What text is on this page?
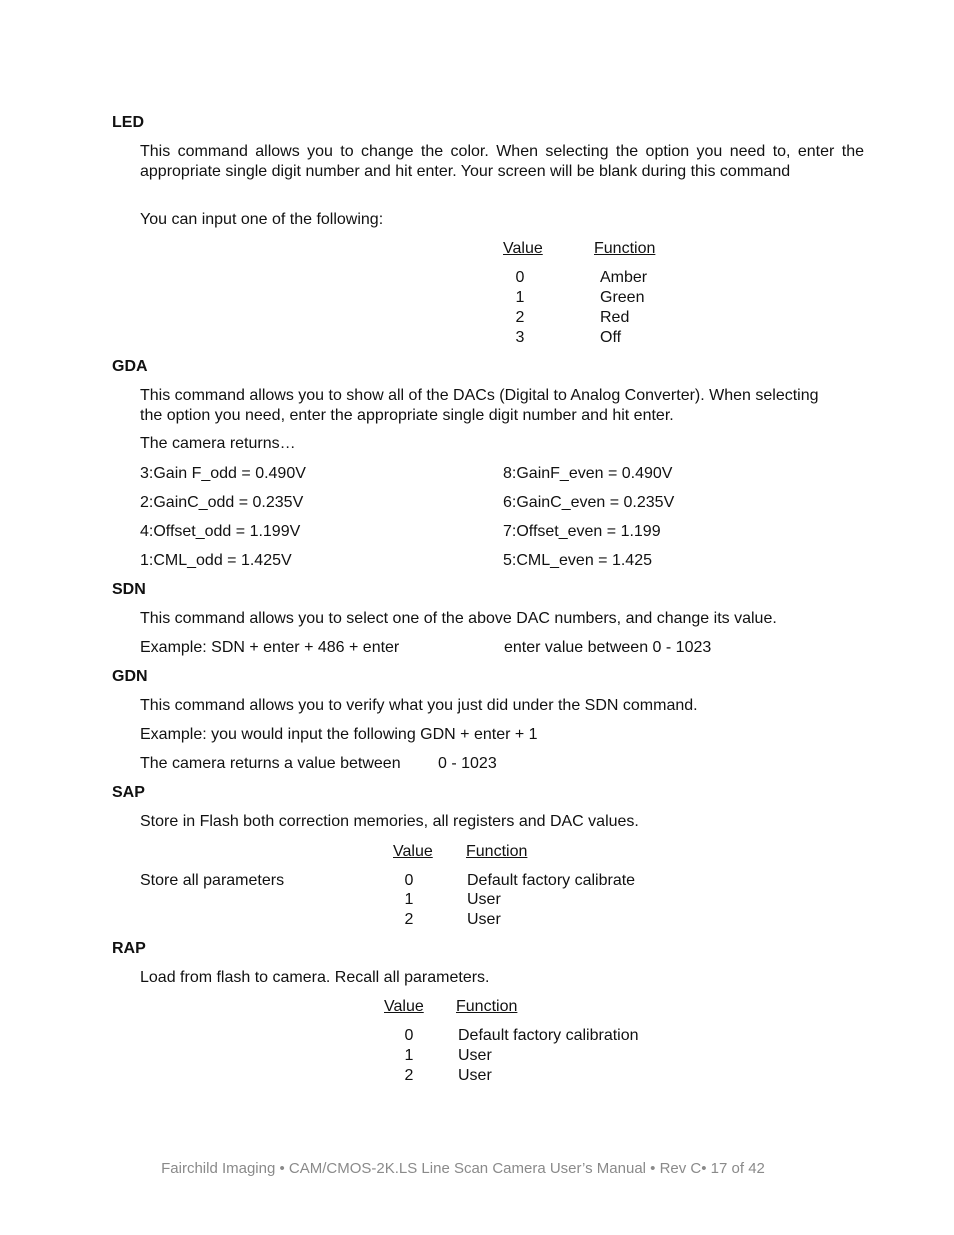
LED
This command allows you to change the color. When selecting the option you need to, enter the appropriate single digit number and hit enter. Your screen will be blank during this command
You can input one of the following:
Value	Function
0	Amber
1	Green
2	Red
3	Off
GDA
This command allows you to show all of the DACs (Digital to Analog Converter). When selecting the option you need, enter the appropriate single digit number and hit enter.
The camera returns…
3:Gain F_odd = 0.490V	8:GainF_even = 0.490V
2:GainC_odd = 0.235V	6:GainC_even = 0.235V
4:Offset_odd = 1.199V	7:Offset_even = 1.199
1:CML_odd = 1.425V	5:CML_even = 1.425
SDN
This command allows you to select one of the above DAC numbers, and change its value.
Example: SDN + enter + 486 + enter	enter value between 0 - 1023
GDN
This command allows you to verify what you just did under the SDN command.
Example: you would input the following GDN + enter + 1
The camera returns a value between 0 - 1023
SAP
Store in Flash both correction memories, all registers and DAC values.
Value Function
Store all parameters	0	Default factory calibrate
1	User
2	User
RAP
Load from flash to camera. Recall all parameters.
Value Function
0	Default factory calibration
1	User
2	User
Fairchild Imaging • CAM/CMOS-2K.LS Line Scan Camera User’s Manual • Rev C• 17 of 42
